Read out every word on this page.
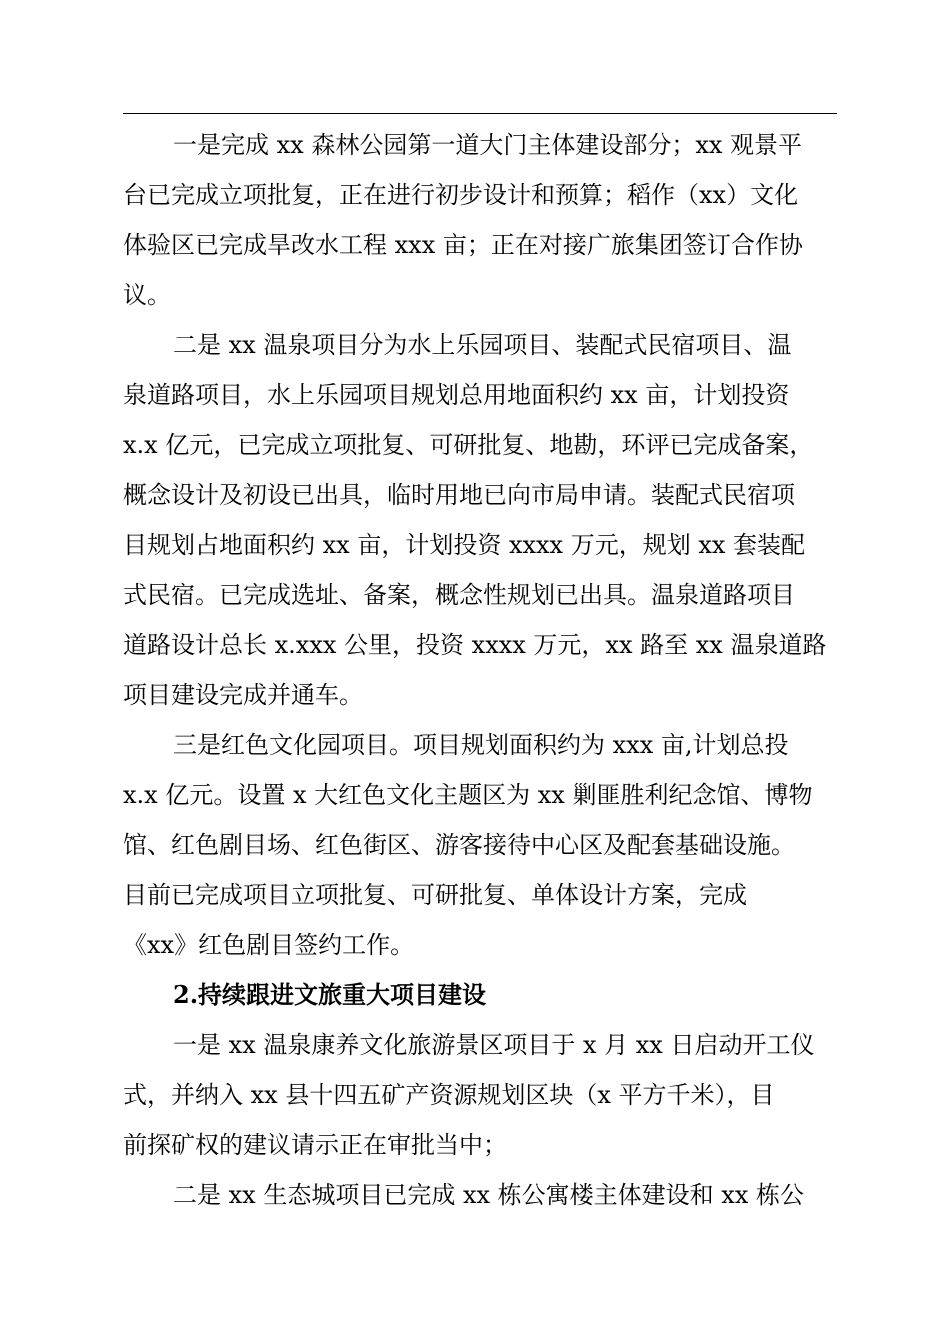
一是完成 xx 森林公园第一道大门主体建设部分；xx 观景平
台已完成立项批复，正在进行初步设计和预算；稻作（xx）文化
体验区已完成旱改水工程 xxx 亩；正在对接广旅集团签订合作协
议。
二是 xx 温泉项目分为水上乐园项目、装配式民宿项目、温
泉道路项目，水上乐园项目规划总用地面积约 xx 亩，计划投资
x.x 亿元，已完成立项批复、可研批复、地勘，环评已完成备案，
概念设计及初设已出具，临时用地已向市局申请。装配式民宿项
目规划占地面积约 xx 亩，计划投资 xxxx 万元，规划 xx 套装配
式民宿。已完成选址、备案，概念性规划已出具。温泉道路项目
道路设计总长 x.xxx 公里，投资 xxxx 万元，xx 路至 xx 温泉道路
项目建设完成并通车。
三是红色文化园项目。项目规划面积约为 xxx 亩,计划总投
x.x 亿元。设置 x 大红色文化主题区为 xx 剿匪胜利纪念馆、博物
馆、红色剧目场、红色街区、游客接待中心区及配套基础设施。
目前已完成项目立项批复、可研批复、单体设计方案，完成
《xx》红色剧目签约工作。
2.持续跟进文旅重大项目建设
一是 xx 温泉康养文化旅游景区项目于 x 月 xx 日启动开工仪
式，并纳入 xx 县十四五矿产资源规划区块（x 平方千米），目
前探矿权的建议请示正在审批当中；
二是 xx 生态城项目已完成 xx 栋公寓楼主体建设和 xx 栋公
